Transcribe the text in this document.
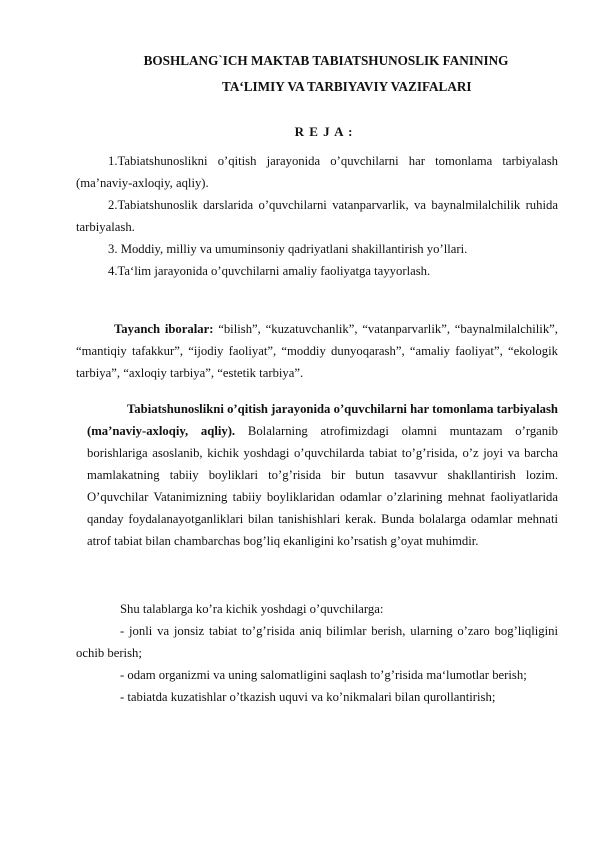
BOSHLANG`ICH MAKTAB TABIATSHUNOSLIK FANINING
TA‘LIMIY VA TARBIYAVIY VAZIFALARI
R E J A :
1.Tabiatshunoslikni o’qitish jarayonida o’quvchilarni har tomonlama tarbiyalash (ma’naviy-axloqiy, aqliy).
2.Tabiatshunoslik darslarida o’quvchilarni vatanparvarlik, va baynalmilalchilik ruhida tarbiyalash.
3. Moddiy, milliy va umuminsoniy qadriyatlani shakillantirish yo’llari.
4.Ta‘lim jarayonida o’quvchilarni amaliy faoliyatga tayyorlash.
Tayanch iboralar: “bilish”, “kuzatuvchanlik”, “vatanparvarlik”, “baynalmilalchilik”, “mantiqiy tafakkur”, “ijodiy faoliyat”, “moddiy dunyoqarash”, “amaliy faoliyat”, “ekologik tarbiya”, “axloqiy tarbiya”, “estetik tarbiya”.
Tabiatshunoslikni o’qitish jarayonida o’quvchilarni har tomonlama tarbiyalash (ma’naviy-axloqiy, aqliy). Bolalarning atrofimizdagi olamni muntazam o’rganib borishlariga asoslanib, kichik yoshdagi o’quvchilarda tabiat to’g’risida, o’z joyi va barcha mamlakatning tabiiy boyliklari to’g’risida bir butun tasavvur shakllantirish lozim. O’quvchilar Vatanimizning tabiiy boyliklaridan odamlar o’zlarining mehnat faoliyatlarida qanday foydalanayotganliklari bilan tanishishlari kerak. Bunda bolalarga odamlar mehnati atrof tabiat bilan chambarchas bog’liq ekanligini ko’rsatish g’oyat muhimdir.
Shu talablarga ko’ra kichik yoshdagi o’quvchilarga:
- jonli va jonsiz tabiat to’g’risida aniq bilimlar berish, ularning o’zaro bog’liqligini ochib berish;
- odam organizmi va uning salomatligini saqlash to’g’risida ma‘lumotlar berish;
- tabiatda kuzatishlar o’tkazish uquvi va ko’nikmalari bilan qurollantirish;
